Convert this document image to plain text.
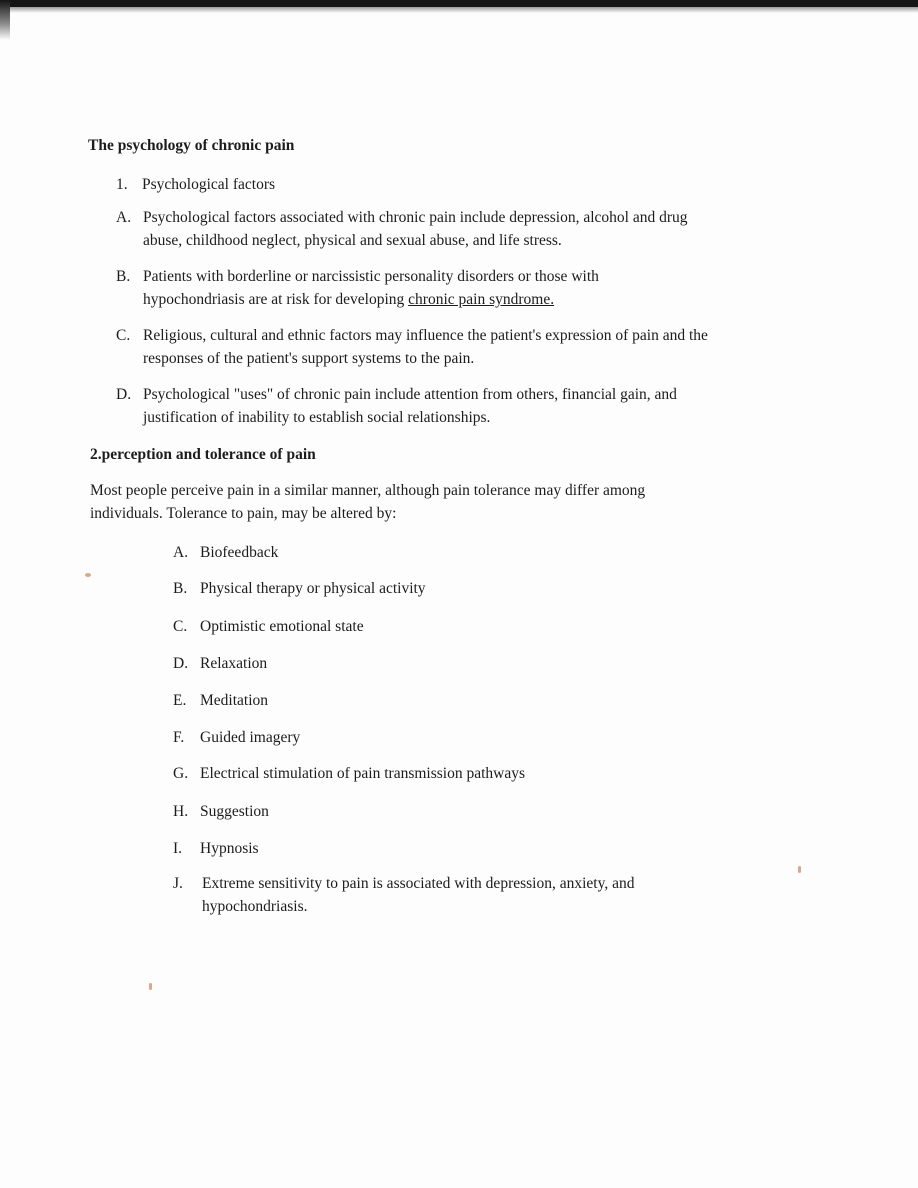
The psychology of chronic pain
1. Psychological factors
A. Psychological factors associated with chronic pain include depression, alcohol and drug abuse, childhood neglect, physical and sexual abuse, and life stress.
B. Patients with borderline or narcissistic personality disorders or those with hypochondriasis are at risk for developing chronic pain syndrome.
C. Religious, cultural and ethnic factors may influence the patient's expression of pain and the responses of the patient's support systems to the pain.
D. Psychological "uses" of chronic pain include attention from others, financial gain, and justification of inability to establish social relationships.
2.perception and tolerance of pain

Most people perceive pain in a similar manner, although pain tolerance may differ among individuals. Tolerance to pain, may be altered by:

A. Biofeedback
B. Physical therapy or physical activity
C. Optimistic emotional state
D. Relaxation
E. Meditation
F.	Guided imagery
G. Electrical stimulation of pain transmission pathways
H. Suggestion
I.	Hypnosis
J.	Extreme sensitivity to pain is associated with depression, anxiety, and hypochondriasis.
